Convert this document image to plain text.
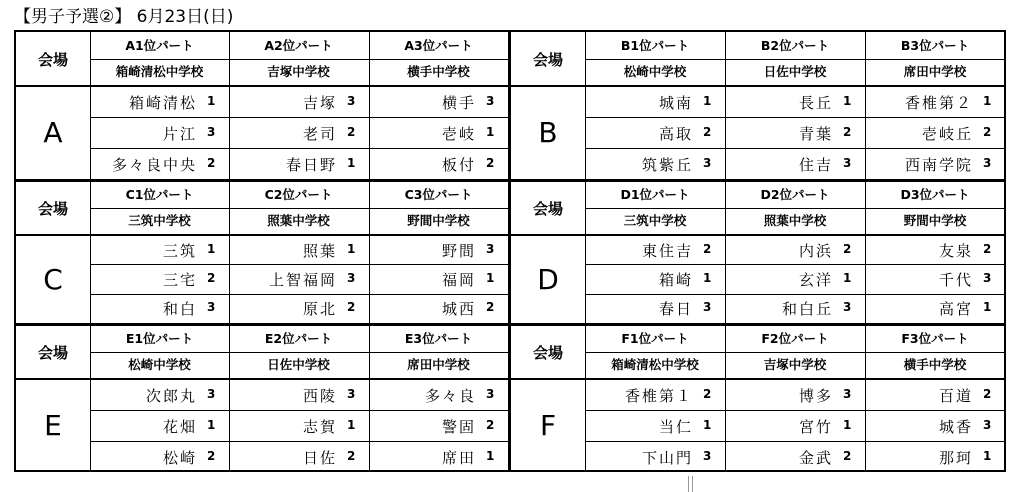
【男子予選②】 6月23日(日)
会場
A
A1位パート
箱崎清松中学校
箱崎清松 1
片江 3
多々良中央 2
A2位パート
吉塚中学校
吉塚 3
老司 2
春日野 1
A3位パート
横手中学校
横手 3
壱岐 1
板付 2
会場
B
B1位パート
松崎中学校
城南 1
高取 2
筑紫丘 3
B2位パート
日佐中学校
長丘 1
青葉 2
住吉 3
B3位パート
席田中学校
香椎第２ 1
壱岐丘 2
西南学院 3
会場
C
C1位パート
三筑中学校
三筑 1
三宅 2
和白 3
C2位パート
照葉中学校
照葉 1
上智福岡 3
原北 2
C3位パート
野間中学校
野間 3
福岡 1
城西 2
会場
D
D1位パート
三筑中学校
東住吉 2
箱崎 1
春日 3
D2位パート
照葉中学校
内浜 2
玄洋 1
和白丘 3
D3位パート
野間中学校
友泉 2
千代 3
高宮 1
会場
E
E1位パート
松崎中学校
次郎丸 3
花畑 1
松崎 2
E2位パート
日佐中学校
西陵 3
志賀 1
日佐 2
E3位パート
席田中学校
多々良 3
警固 2
席田 1
会場
F
F1位パート
箱崎清松中学校
香椎第１ 2
当仁 1
下山門 3
F2位パート
吉塚中学校
博多 3
宮竹 1
金武 2
F3位パート
横手中学校
百道 2
城香 3
那珂 1
